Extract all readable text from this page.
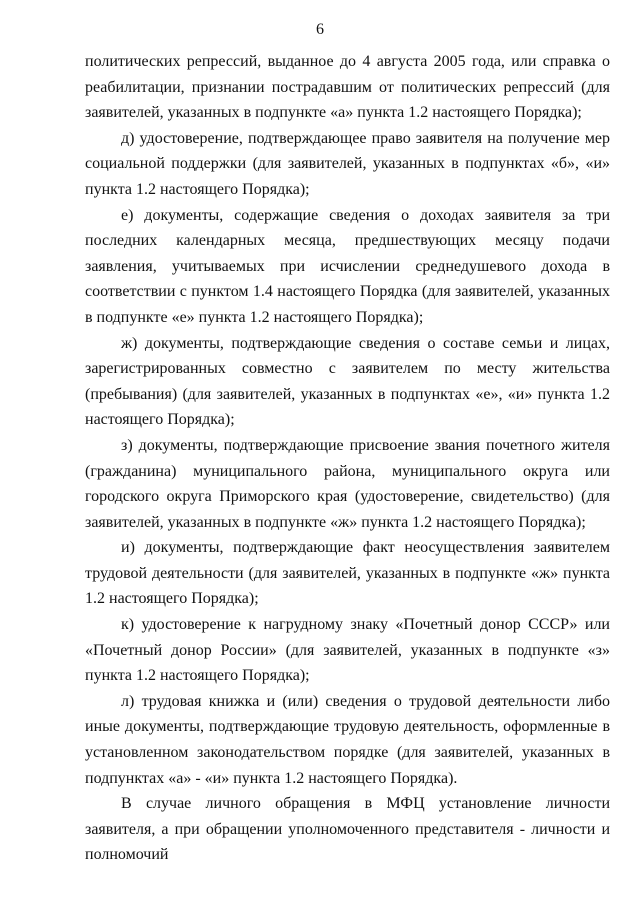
6

политических репрессий, выданное до 4 августа 2005 года, или справка о реабилитации, признании пострадавшим от политических репрессий (для заявителей, указанных в подпункте «а» пункта 1.2 настоящего Порядка);

д) удостоверение, подтверждающее право заявителя на получение мер социальной поддержки (для заявителей, указанных в подпунктах «б», «и» пункта 1.2 настоящего Порядка);

е) документы, содержащие сведения о доходах заявителя за три последних календарных месяца, предшествующих месяцу подачи заявления, учитываемых при исчислении среднедушевого дохода в соответствии с пунктом 1.4 настоящего Порядка (для заявителей, указанных в подпункте «е» пункта 1.2 настоящего Порядка);

ж) документы, подтверждающие сведения о составе семьи и лицах, зарегистрированных совместно с заявителем по месту жительства (пребывания) (для заявителей, указанных в подпунктах «е», «и» пункта 1.2 настоящего Порядка);

з) документы, подтверждающие присвоение звания почетного жителя (гражданина) муниципального района, муниципального округа или городского округа Приморского края (удостоверение, свидетельство) (для заявителей, указанных в подпункте «ж» пункта 1.2 настоящего Порядка);

и) документы, подтверждающие факт неосуществления заявителем трудовой деятельности (для заявителей, указанных в подпункте «ж» пункта 1.2 настоящего Порядка);

к) удостоверение к нагрудному знаку «Почетный донор СССР» или «Почетный донор России» (для заявителей, указанных в подпункте «з» пункта 1.2 настоящего Порядка);

л) трудовая книжка и (или) сведения о трудовой деятельности либо иные документы, подтверждающие трудовую деятельность, оформленные в установленном законодательством порядке (для заявителей, указанных в подпунктах «а» - «и» пункта 1.2 настоящего Порядка).

В случае личного обращения в МФЦ установление личности заявителя, а при обращении уполномоченного представителя - личности и полномочий
